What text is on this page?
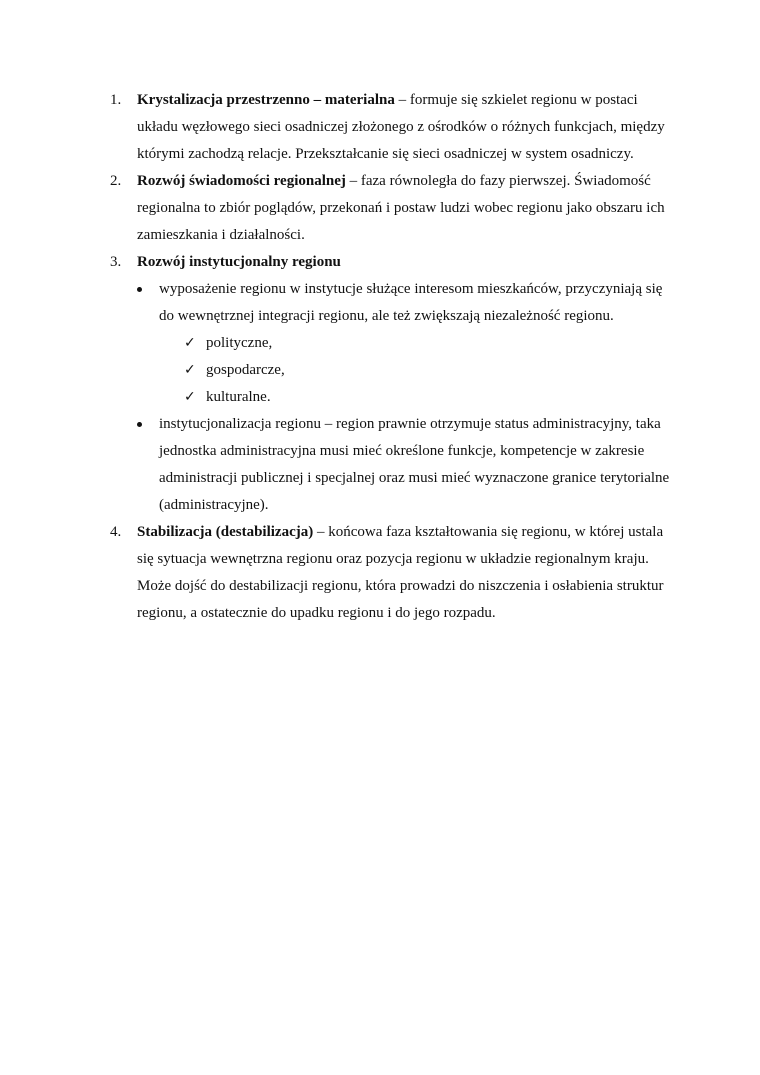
1. Krystalizacja przestrzenno – materialna – formuje się szkielet regionu w postaci układu węzłowego sieci osadniczej złożonego z ośrodków o różnych funkcjach, między którymi zachodzą relacje. Przekształcanie się sieci osadniczej w system osadniczy.
2. Rozwój świadomości regionalnej – faza równoległa do fazy pierwszej. Świadomość regionalna to zbiór poglądów, przekonań i postaw ludzi wobec regionu jako obszaru ich zamieszkania i działalności.
3. Rozwój instytucjonalny regionu
wyposażenie regionu w instytucje służące interesom mieszkańców, przyczyniają się do wewnętrznej integracji regionu, ale też zwiększają niezależność regionu.
✓ polityczne,
✓ gospodarcze,
✓ kulturalne.
instytucjonalizacja regionu – region prawnie otrzymuje status administracyjny, taka jednostka administracyjna musi mieć określone funkcje, kompetencje w zakresie administracji publicznej i specjalnej oraz musi mieć wyznaczone granice terytorialne (administracyjne).
4. Stabilizacja (destabilizacja) – końcowa faza kształtowania się regionu, w której ustala się sytuacja wewnętrzna regionu oraz pozycja regionu w układzie regionalnym kraju. Może dojść do destabilizacji regionu, która prowadzi do niszczenia i osłabienia struktur regionu, a ostatecznie do upadku regionu i do jego rozpadu.
